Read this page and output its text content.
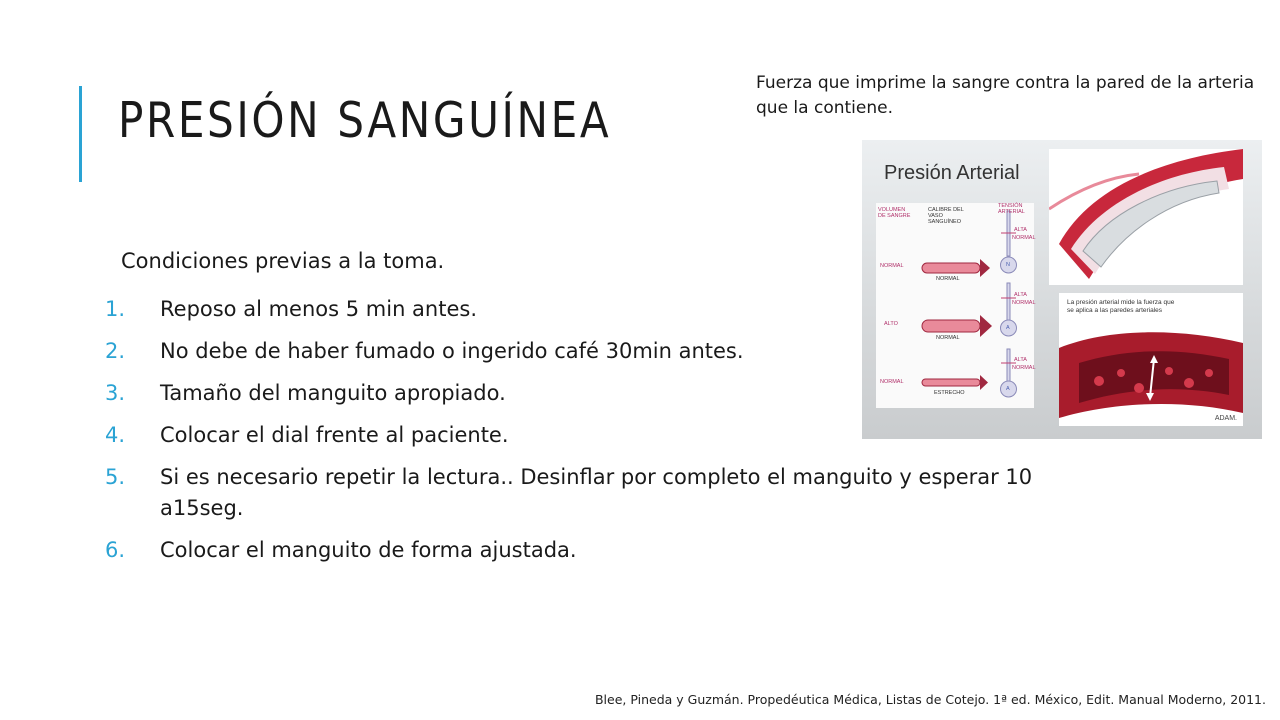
PRESIÓN SANGUÍNEA
Fuerza que imprime la sangre contra la pared de la arteria que la contiene.
Condiciones previas a la toma.
1.	Reposo al menos 5 min antes.
2.	No debe de haber fumado o ingerido café 30min antes.
3.	Tamaño del manguito apropiado.
4.	Colocar el dial frente al paciente.
5.	Si es necesario repetir la lectura.. Desinflar por completo el manguito y esperar 10 a15seg.
6.	Colocar el manguito de forma ajustada.
Presión Arterial
VOLUMEN DE SANGRE
CALIBRE DEL VASO SANGUÍNEO
TENSIÓN ARTERIAL
NORMAL
NORMAL
N
ALTA
NORMAL
ALTO
NORMAL
A
ALTA
NORMAL
NORMAL
ESTRECHO
A
ALTA
NORMAL
La presión arterial mide la fuerza que se aplica a las paredes arteriales
ADAM.
Blee, Pineda y Guzmán. Propedéutica Médica, Listas de Cotejo. 1ª ed. México, Edit. Manual Moderno, 2011.
